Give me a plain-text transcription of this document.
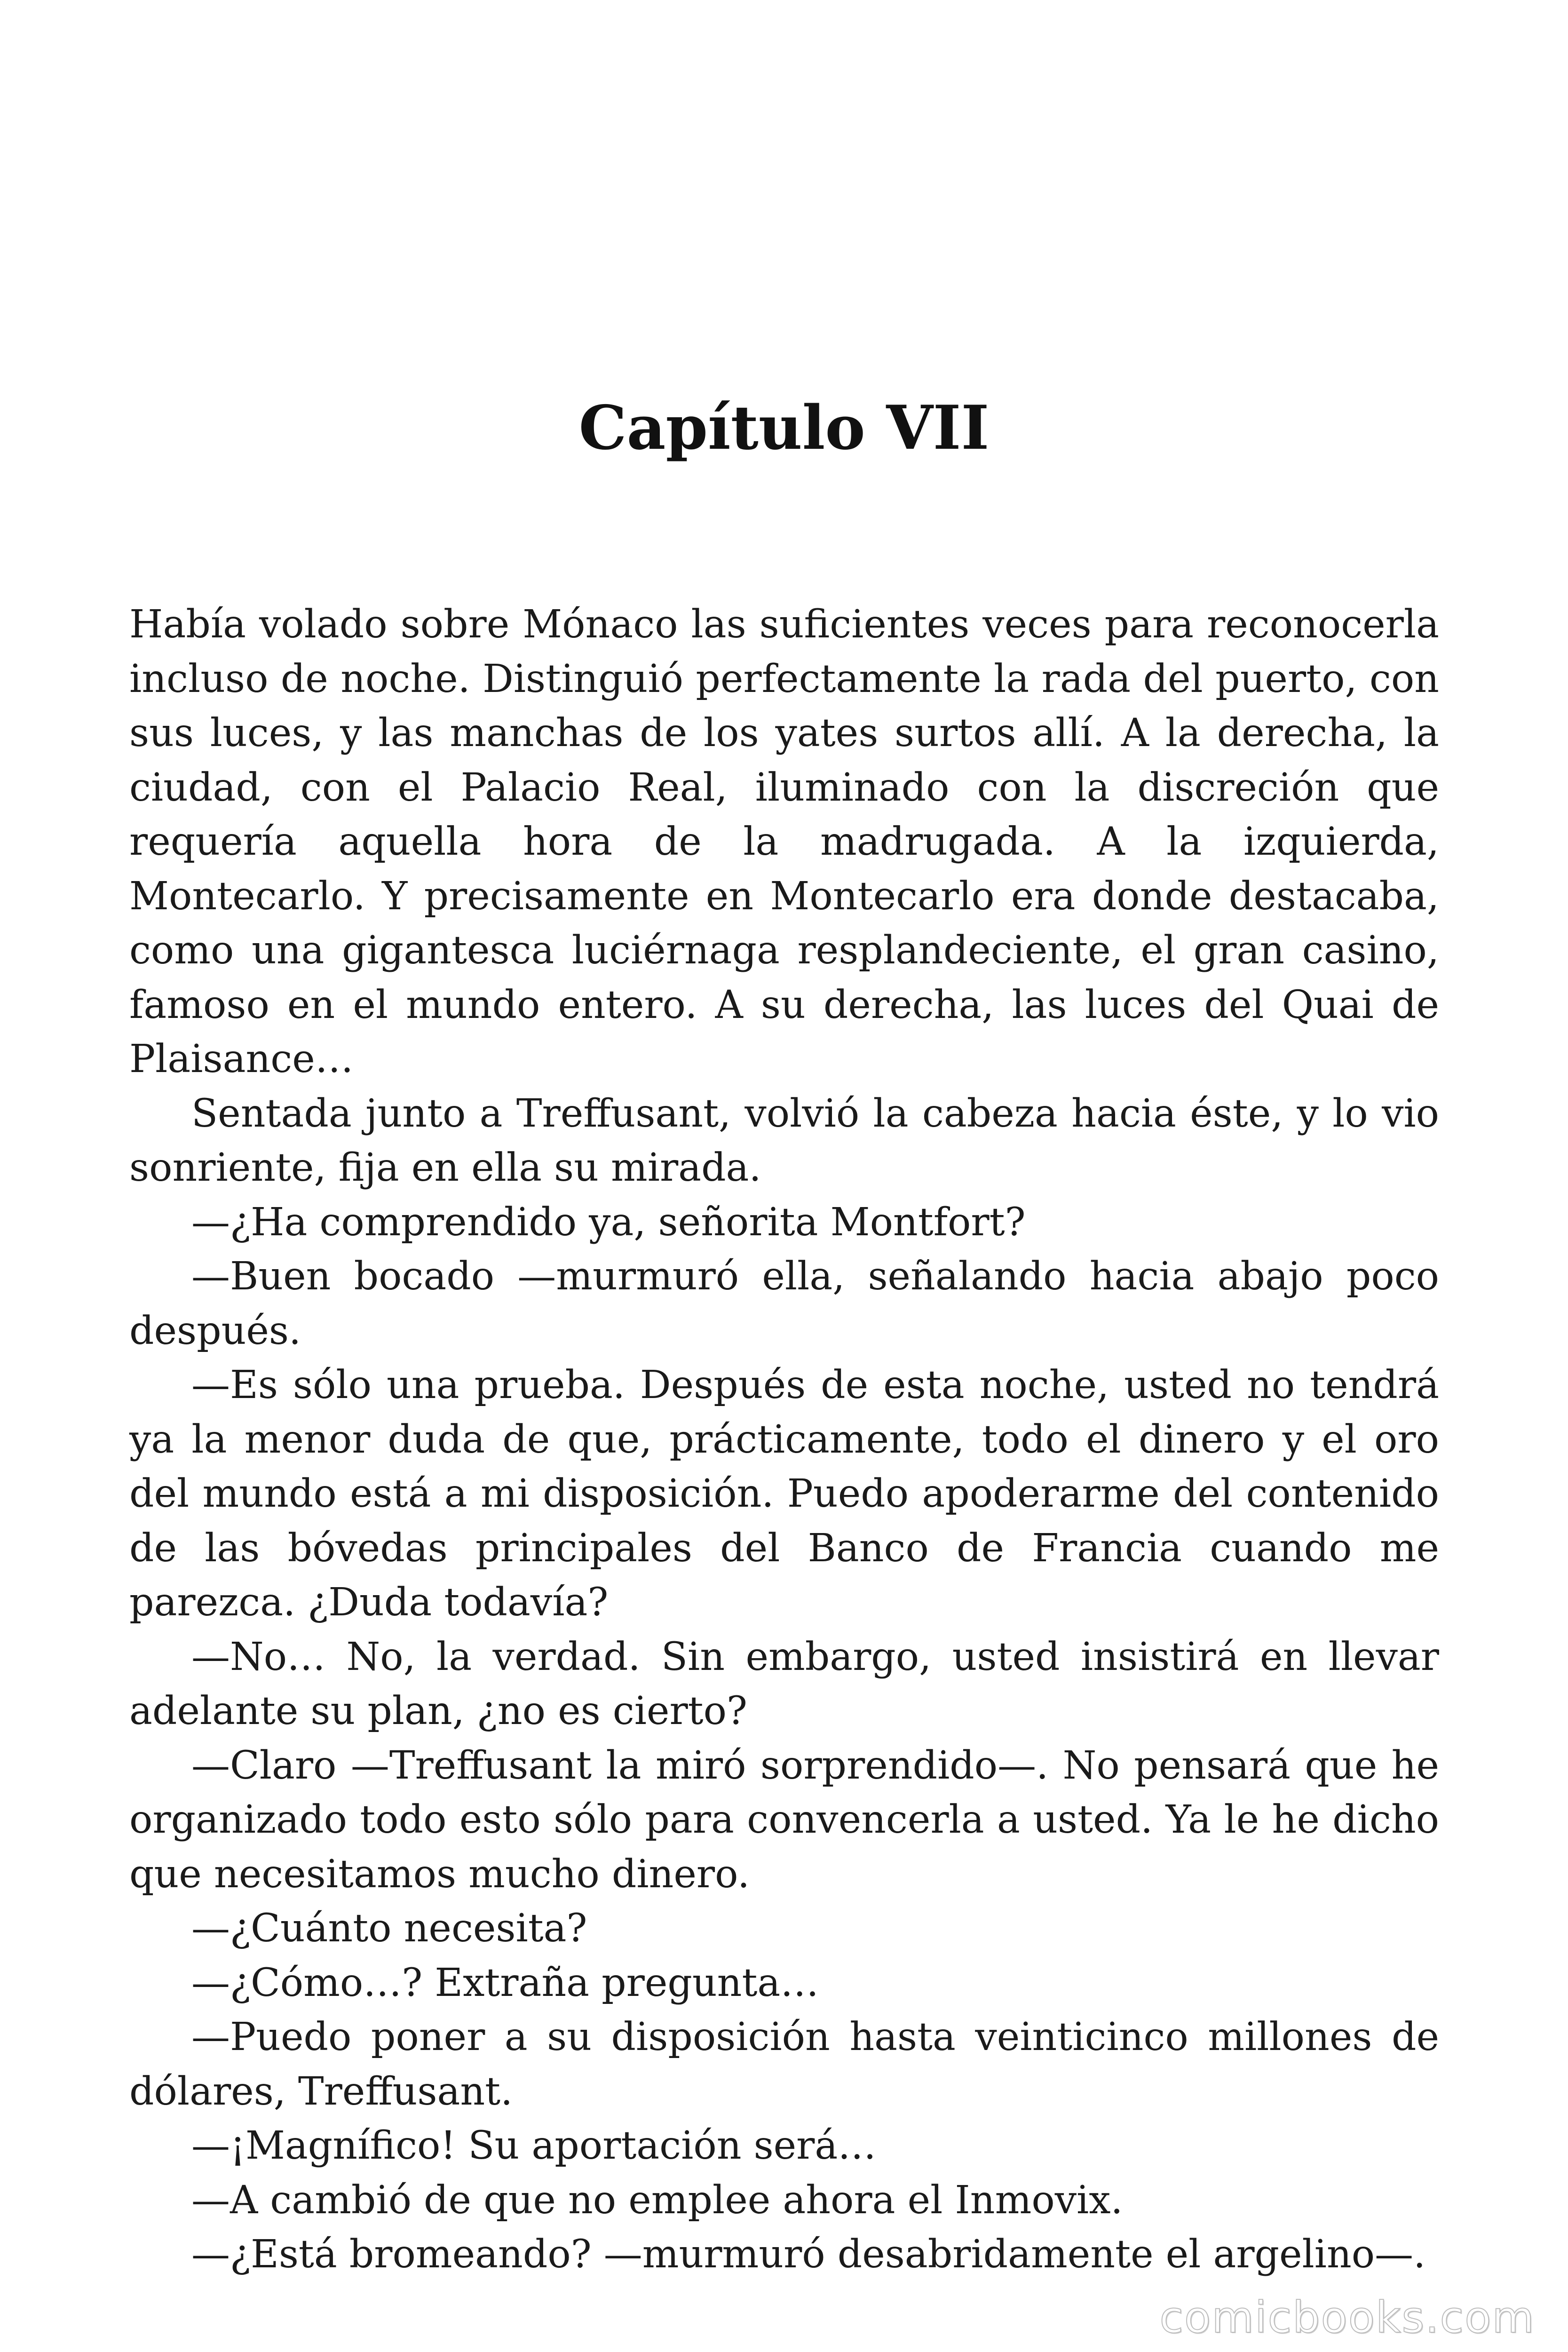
Capítulo VII

Había volado sobre Mónaco las suficientes veces para reconocerla incluso de noche. Distinguió perfectamente la rada del puerto, con sus luces, y las manchas de los yates surtos allí. A la derecha, la ciudad, con el Palacio Real, iluminado con la discreción que requería aquella hora de la madrugada. A la izquierda, Montecarlo. Y precisamente en Montecarlo era donde destacaba, como una gigantesca luciérnaga resplandeciente, el gran casino, famoso en el mundo entero. A su derecha, las luces del Quai de Plaisance…

Sentada junto a Treffusant, volvió la cabeza hacia éste, y lo vio sonriente, fija en ella su mirada.

—¿Ha comprendido ya, señorita Montfort?

—Buen bocado —murmuró ella, señalando hacia abajo poco después.

—Es sólo una prueba. Después de esta noche, usted no tendrá ya la menor duda de que, prácticamente, todo el dinero y el oro del mundo está a mi disposición. Puedo apoderarme del contenido de las bóvedas principales del Banco de Francia cuando me parezca. ¿Duda todavía?

—No… No, la verdad. Sin embargo, usted insistirá en llevar adelante su plan, ¿no es cierto?

—Claro —Treffusant la miró sorprendido—. No pensará que he organizado todo esto sólo para convencerla a usted. Ya le he dicho que necesitamos mucho dinero.

—¿Cuánto necesita?

—¿Cómo…? Extraña pregunta…

—Puedo poner a su disposición hasta veinticinco millones de dólares, Treffusant.

—¡Magnífico! Su aportación será…

—A cambió de que no emplee ahora el Inmovix.

—¿Está bromeando? —murmuró desabridamente el argelino—.

comicbooks.com
